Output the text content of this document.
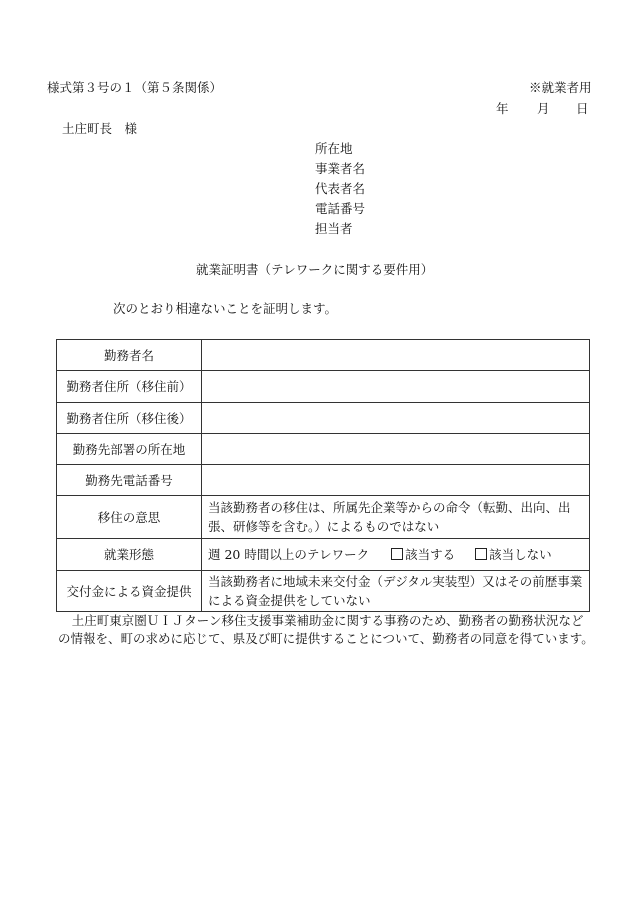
様式第３号の１（第５条関係）	※就業者用
年 月 日
土庄町長　様
所在地
事業者名
代表者名
電話番号
担当者
就業証明書（テレワークに関する要件用）
次のとおり相違ないことを証明します。
勤務者名	
勤務者住所（移住前）	
勤務者住所（移住後）	
勤務先部署の所在地	
勤務先電話番号	
移住の意思	当該勤務者の移住は、所属先企業等からの命令（転勤、出向、出張、研修等を含む。）によるものではない
就業形態	週 20 時間以上のテレワーク 該当する 該当しない
交付金による資金提供	当該勤務者に地域未来交付金（デジタル実装型）又はその前歴事業による資金提供をしていない
土庄町東京圏ＵＩＪターン移住支援事業補助金に関する事務のため、勤務者の勤務状況などの情報を、町の求めに応じて、県及び町に提供することについて、勤務者の同意を得ています。
